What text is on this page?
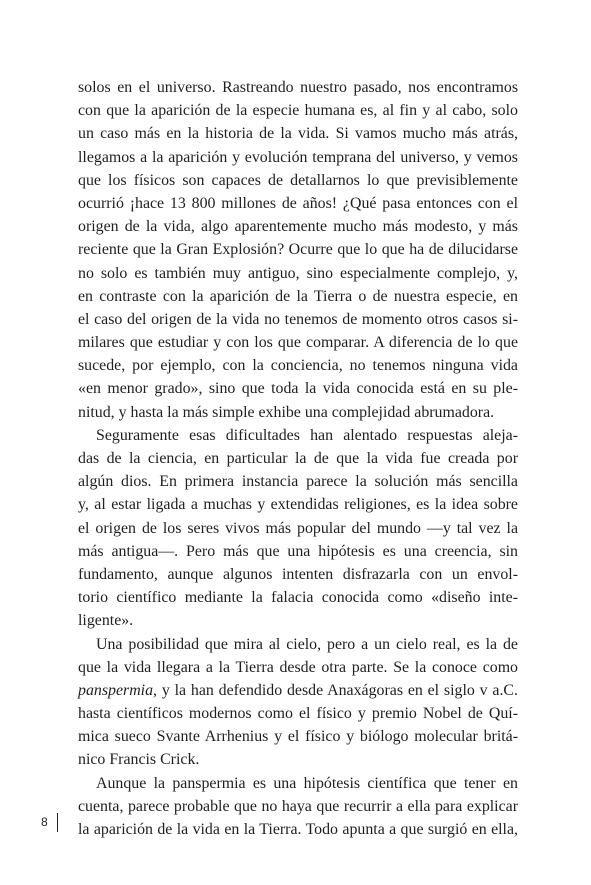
solos en el universo. Rastreando nuestro pasado, nos encontramos
con que la aparición de la especie humana es, al fin y al cabo, solo
un caso más en la historia de la vida. Si vamos mucho más atrás,
llegamos a la aparición y evolución temprana del universo, y vemos
que los físicos son capaces de detallarnos lo que previsiblemente
ocurrió ¡hace 13 800 millones de años! ¿Qué pasa entonces con el
origen de la vida, algo aparentemente mucho más modesto, y más
reciente que la Gran Explosión? Ocurre que lo que ha de dilucidarse
no solo es también muy antiguo, sino especialmente complejo, y,
en contraste con la aparición de la Tierra o de nuestra especie, en
el caso del origen de la vida no tenemos de momento otros casos si-
milares que estudiar y con los que comparar. A diferencia de lo que
sucede, por ejemplo, con la conciencia, no tenemos ninguna vida
«en menor grado», sino que toda la vida conocida está en su ple-
nitud, y hasta la más simple exhibe una complejidad abrumadora.
Seguramente esas dificultades han alentado respuestas aleja-
das de la ciencia, en particular la de que la vida fue creada por
algún dios. En primera instancia parece la solución más sencilla
y, al estar ligada a muchas y extendidas religiones, es la idea sobre
el origen de los seres vivos más popular del mundo —y tal vez la
más antigua—. Pero más que una hipótesis es una creencia, sin
fundamento, aunque algunos intenten disfrazarla con un envol-
torio científico mediante la falacia conocida como «diseño inte-
ligente».
Una posibilidad que mira al cielo, pero a un cielo real, es la de
que la vida llegara a la Tierra desde otra parte. Se la conoce como
panspermia, y la han defendido desde Anaxágoras en el siglo v a.C.
hasta científicos modernos como el físico y premio Nobel de Quí-
mica sueco Svante Arrhenius y el físico y biólogo molecular britá-
nico Francis Crick.
Aunque la panspermia es una hipótesis científica que tener en
cuenta, parece probable que no haya que recurrir a ella para explicar
la aparición de la vida en la Tierra. Todo apunta a que surgió en ella,
8
